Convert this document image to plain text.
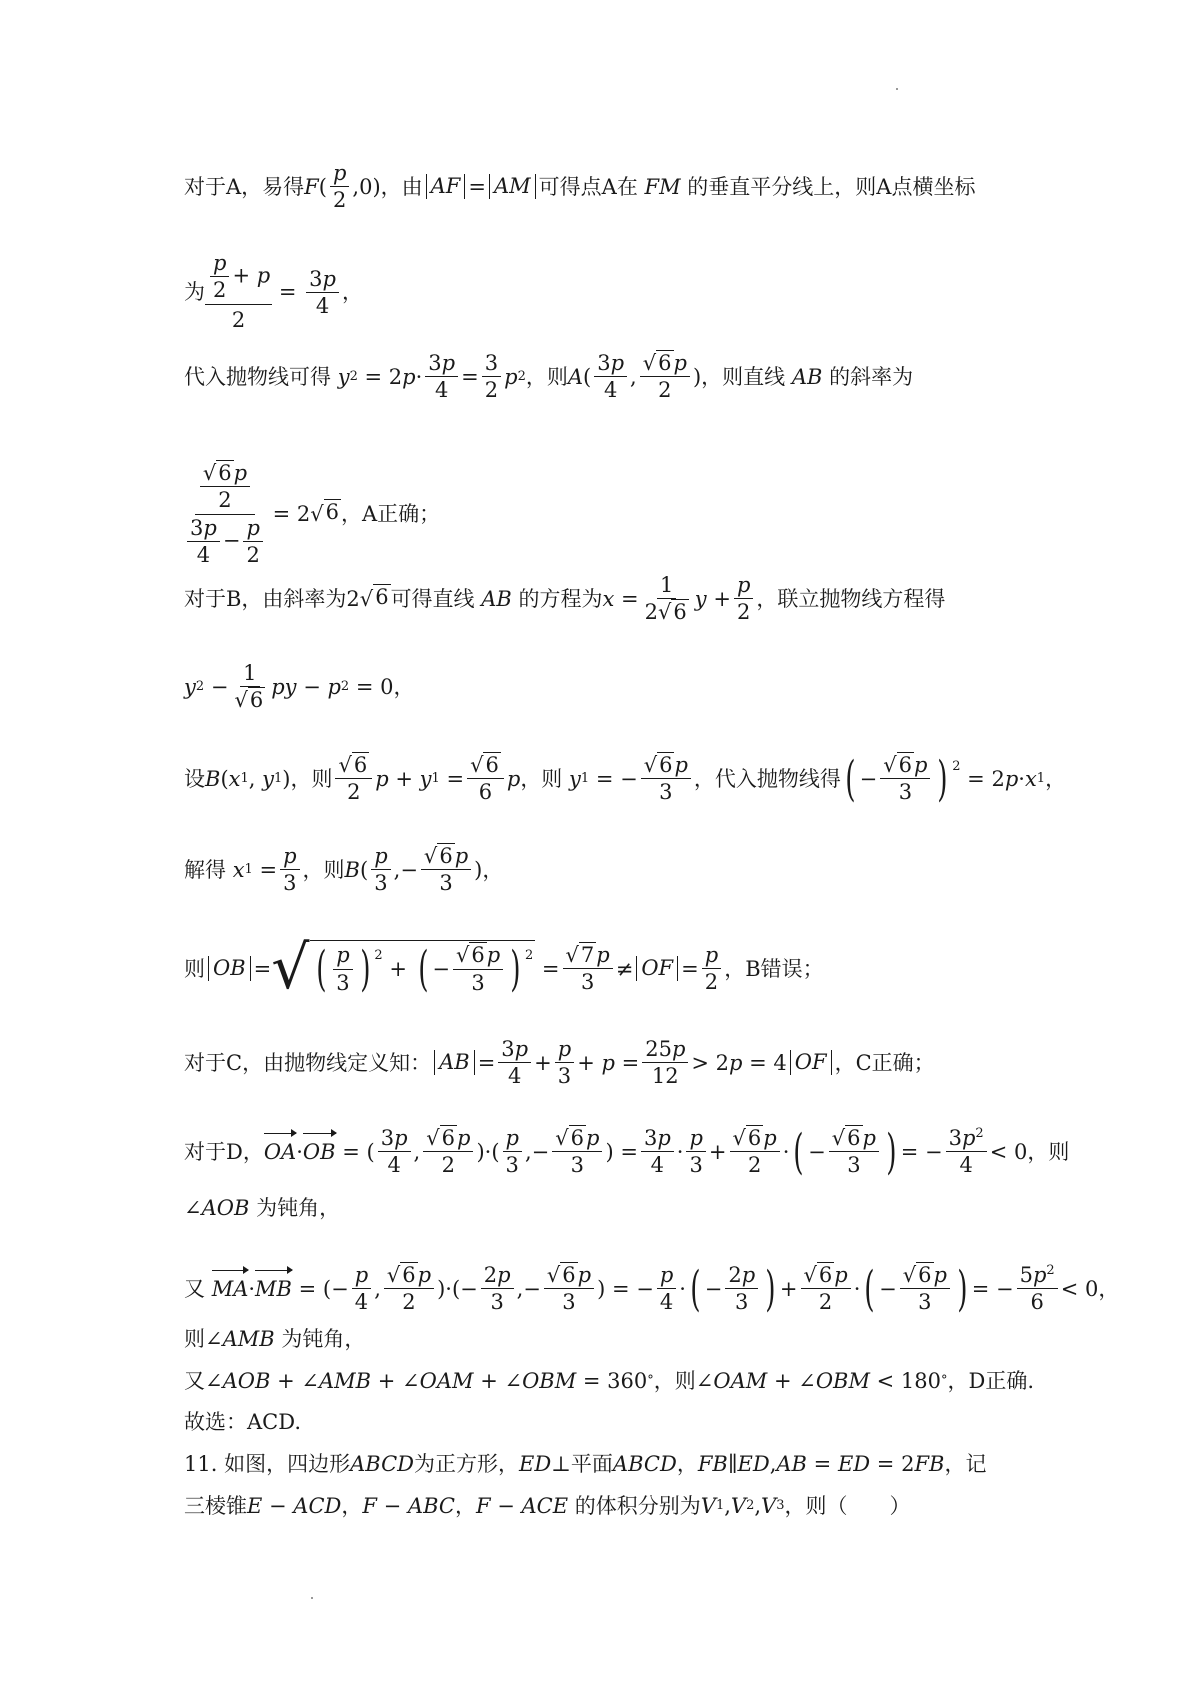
对于A，易得 F ( $\frac{p}{2} ,0$)，由 AF = AM 可得点A在 FM 的垂直平分线上，则A点横坐标
为 $\frac{\frac{p}{2} + p}{2} = \frac{3p}{4}$ ，
代入抛物线可得 y 2 = 2 $p \cdot \frac{3p}{4} = \frac{3}{2}$ p 2 ，则 A ( $\frac{3p}{4}$ , $\frac{√ 6 p}{2}$ ) ，则直线 AB 的斜率为
$\frac{\frac{√ 6 p}{2}}{\frac{3p}{4} - \frac{p}{2}} = 2$ √ 6 ，A正确；
对于B，由斜率为2 √ 6 可得直线 AB 的方程为 $x = \frac{1}{2√ 6}$ $y + \frac{p}{2}$ ，联立抛物线方程得
y $2 - \frac{1}{√ 6}$ py − p 2 = 0，
设 B ( x 1 , y 1 )，则 $\frac{√ 6}{2}$ p + y $1 = \frac{√ 6}{6}$ p ，则 y 1 = − $\frac{√ 6 p}{3}$ ，代入抛物线得 ( − $\frac{√ 6 p}{3}$ ) 2
= 2 p · x 1 ，
解得 x $1 = \frac{p}{3}$ ，则 B ( $\frac{p}{3}$ ,− $\frac{√ 6 p}{3}$ )，
则 OB = √ ( $\frac{p}{3}$ ) 2
+ ( − $\frac{√ 6 p}{3}$ ) 2
= $\frac{√ 7 p}{3}$ ≠ OF = $\frac{p}{2}$ ，B错误；
对于C，由抛物线定义知： AB = $\frac{3p}{4} + \frac{p}{3} + p = \frac{25p}{12} > 2$ p = 4 OF ，C正确；
对于D， OA · OB = ( $\frac{3p}{4}$ , $\frac{√ 6 p}{2}$ )·( $\frac{p}{3}$ ,− $\frac{√ 6 p}{3}$ ) = $\frac{3p}{4} \cdot \frac{p}{3} + \frac{√ 6 p}{2}$ · ( − $\frac{√ 6 p}{3}$ ) = − $\frac{3p^2}{4} < 0$，则
∠ AOB 为钝角，
又 MA · MB = (− $\frac{p}{4}$ , $\frac{√ 6 p}{2}$ )·(− $\frac{2p}{3}$ ,− $\frac{√ 6 p}{3}$ ) = − $\frac{p}{4}$ · ( − $\frac{2p}{3}$ ) + $\frac{√ 6 p}{2}$ · ( − $\frac{√ 6 p}{3}$ ) = − $\frac{5p^2}{6} < 0$，
则∠ AMB 为钝角，
又∠ AOB + ∠ AMB + ∠ OAM + ∠ OBM = 360 ° ，则∠ OAM + ∠ OBM < 180 ° ，D正确.
故选：ACD.
11. 如图，四边形 ABCD 为正方形， ED ⊥平面 ABCD ， FB ∥ ED , AB = ED = 2 FB ，记
三棱锥 E − ACD ， F − ABC ， F − ACE 的体积分别为 V 1 , V 2 , V 3 ，则（　　）
